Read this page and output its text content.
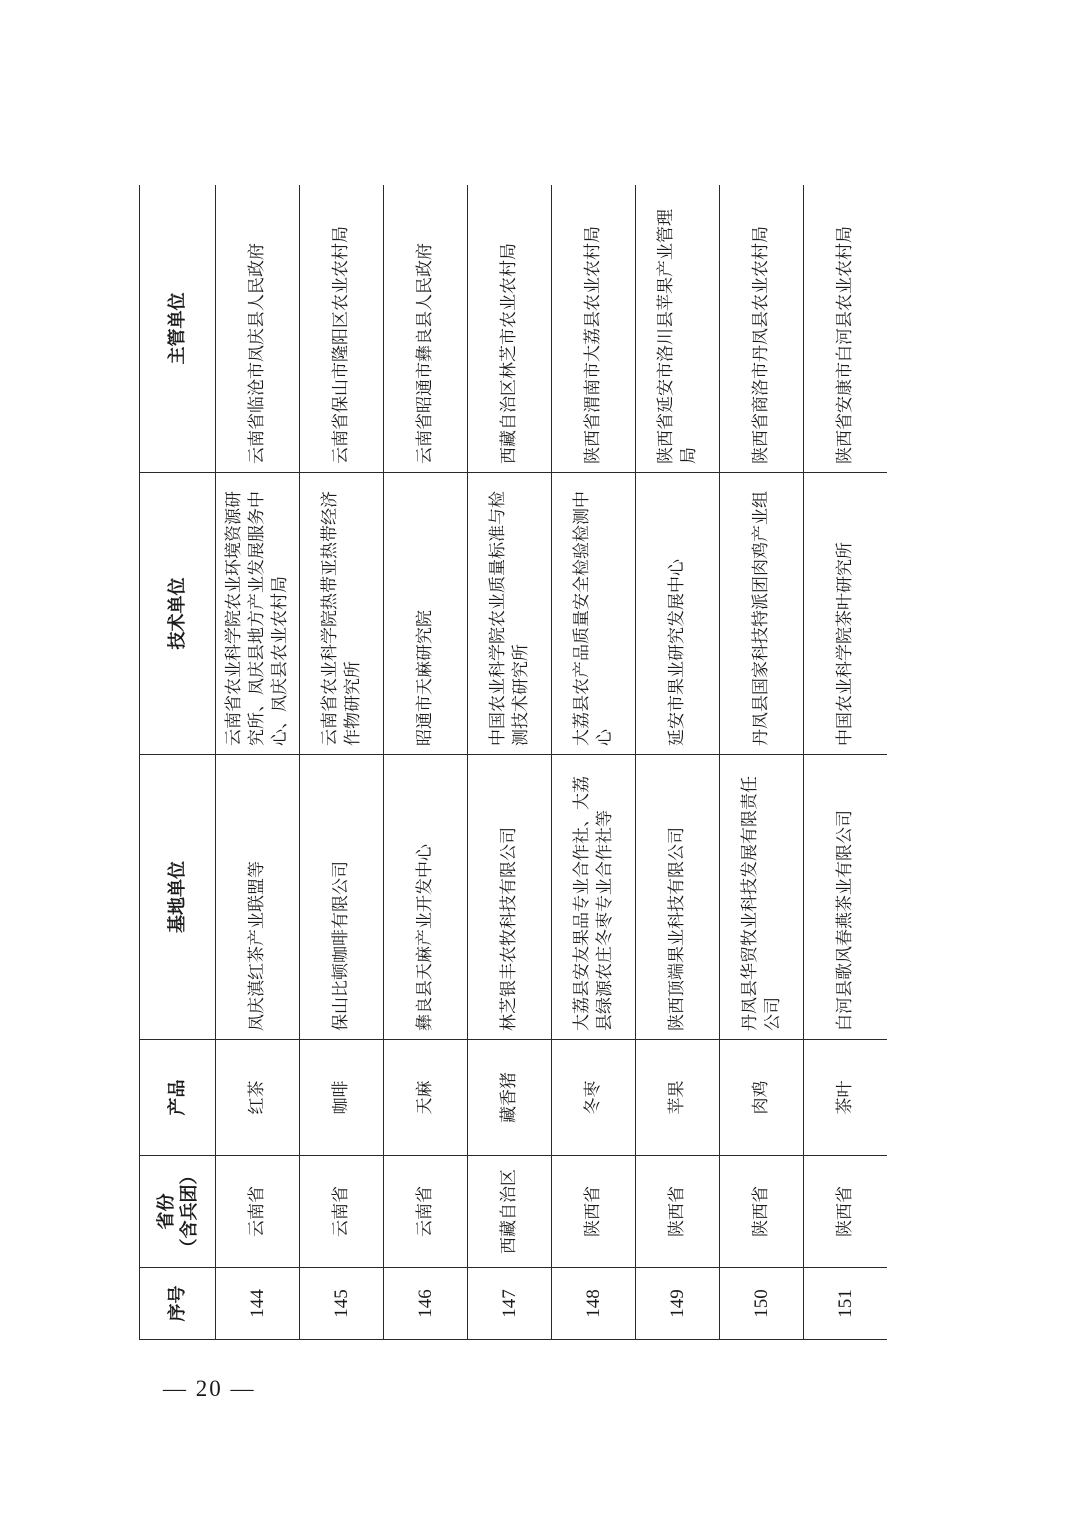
序号	省份 （含兵团）	产品	基地单位	技术单位	主管单位
144	云南省	红茶	凤庆滇红茶产业联盟等	云南省农业科学院农业环境资源研究所、凤庆县地方产业发展服务中心、凤庆县农业农村局	云南省临沧市凤庆县人民政府
145	云南省	咖啡	保山比顿咖啡有限公司	云南省农业科学院热带亚热带经济作物研究所	云南省保山市隆阳区农业农村局
146	云南省	天麻	彝良县天麻产业开发中心	昭通市天麻研究院	云南省昭通市彝良县人民政府
147	西藏自治区	藏香猪	林芝银丰农牧科技有限公司	中国农业科学院农业质量标准与检测技术研究所	西藏自治区林芝市农业农村局
148	陕西省	冬枣	大荔县安友果品专业合作社、大荔县绿源农庄冬枣专业合作社等	大荔县农产品质量安全检验检测中心	陕西省渭南市大荔县农业农村局
149	陕西省	苹果	陕西顶端果业科技有限公司	延安市果业研究发展中心	陕西省延安市洛川县苹果产业管理局
150	陕西省	肉鸡	丹凤县华贸牧业科技发展有限责任公司	丹凤县国家科技特派团肉鸡产业组	陕西省商洛市丹凤县农业农村局
151	陕西省	茶叶	白河县歌风春燕茶业有限公司	中国农业科学院茶叶研究所	陕西省安康市白河县农业农村局
— 20 —
